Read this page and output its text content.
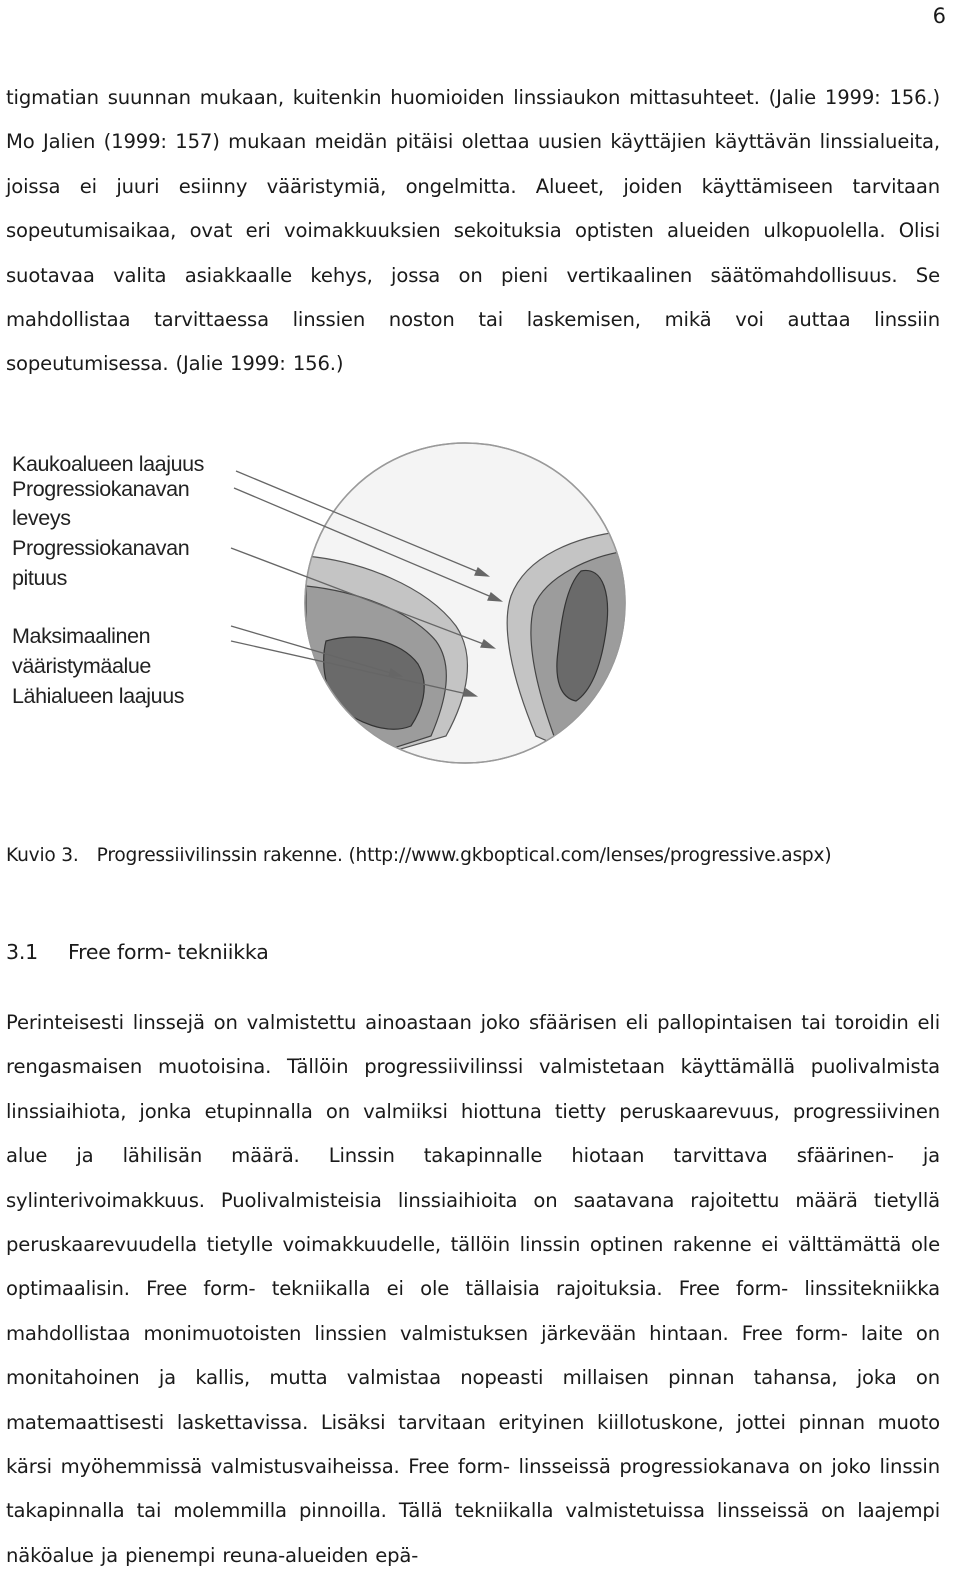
6

tigmatian suunnan mukaan, kuitenkin huomioiden linssiaukon mittasuhteet. (Jalie 1999: 156.) Mo Jalien (1999: 157) mukaan meidän pitäisi olettaa uusien käyttäjien käyttävän linssialueita, joissa ei juuri esiinny vääristymiä, ongelmitta. Alueet, joiden käyttämiseen tarvitaan sopeutumisaikaa, ovat eri voimakkuuksien sekoituksia optisten alueiden ulkopuolella. Olisi suotavaa valita asiakkaalle kehys, jossa on pieni vertikaalinen säätömahdollisuus. Se mahdollistaa tarvittaessa linssien noston tai laskemisen, mikä voi auttaa linssiin sopeutumisessa. (Jalie 1999: 156.)

Kaukoalueen laajuus
Progressiokanavan
leveys
Progressiokanavan
pituus
Maksimaalinen
vääristymäalue
Lähialueen laajuus
Kuvio 3. Progressiivilinssin rakenne. (http://www.gkboptical.com/lenses/progressive.aspx)
3.1 Free form- tekniikka

Perinteisesti linssejä on valmistettu ainoastaan joko sfäärisen eli pallopintaisen tai toroidin eli rengasmaisen muotoisina. Tällöin progressiivilinssi valmistetaan käyttämällä puolivalmista linssiaihiota, jonka etupinnalla on valmiiksi hiottuna tietty peruskaarevuus, progressiivinen alue ja lähilisän määrä. Linssin takapinnalle hiotaan tarvittava sfäärinen- ja sylinterivoimakkuus. Puolivalmisteisia linssiaihioita on saatavana rajoitettu määrä tietyllä peruskaarevuudella tietylle voimakkuudelle, tällöin linssin optinen rakenne ei välttämättä ole optimaalisin. Free form- tekniikalla ei ole tällaisia rajoituksia. Free form- linssitekniikka mahdollistaa monimuotoisten linssien valmistuksen järkevään hintaan. Free form- laite on monitahoinen ja kallis, mutta valmistaa nopeasti millaisen pinnan tahansa, joka on matemaattisesti laskettavissa. Lisäksi tarvitaan erityinen kiillotuskone, jottei pinnan muoto kärsi myöhemmissä valmistusvaiheissa. Free form- linsseissä progressiokanava on joko linssin takapinnalla tai molemmilla pinnoilla. Tällä tekniikalla valmistetuissa linsseissä on laajempi näköalue ja pienempi reuna-alueiden epä-
